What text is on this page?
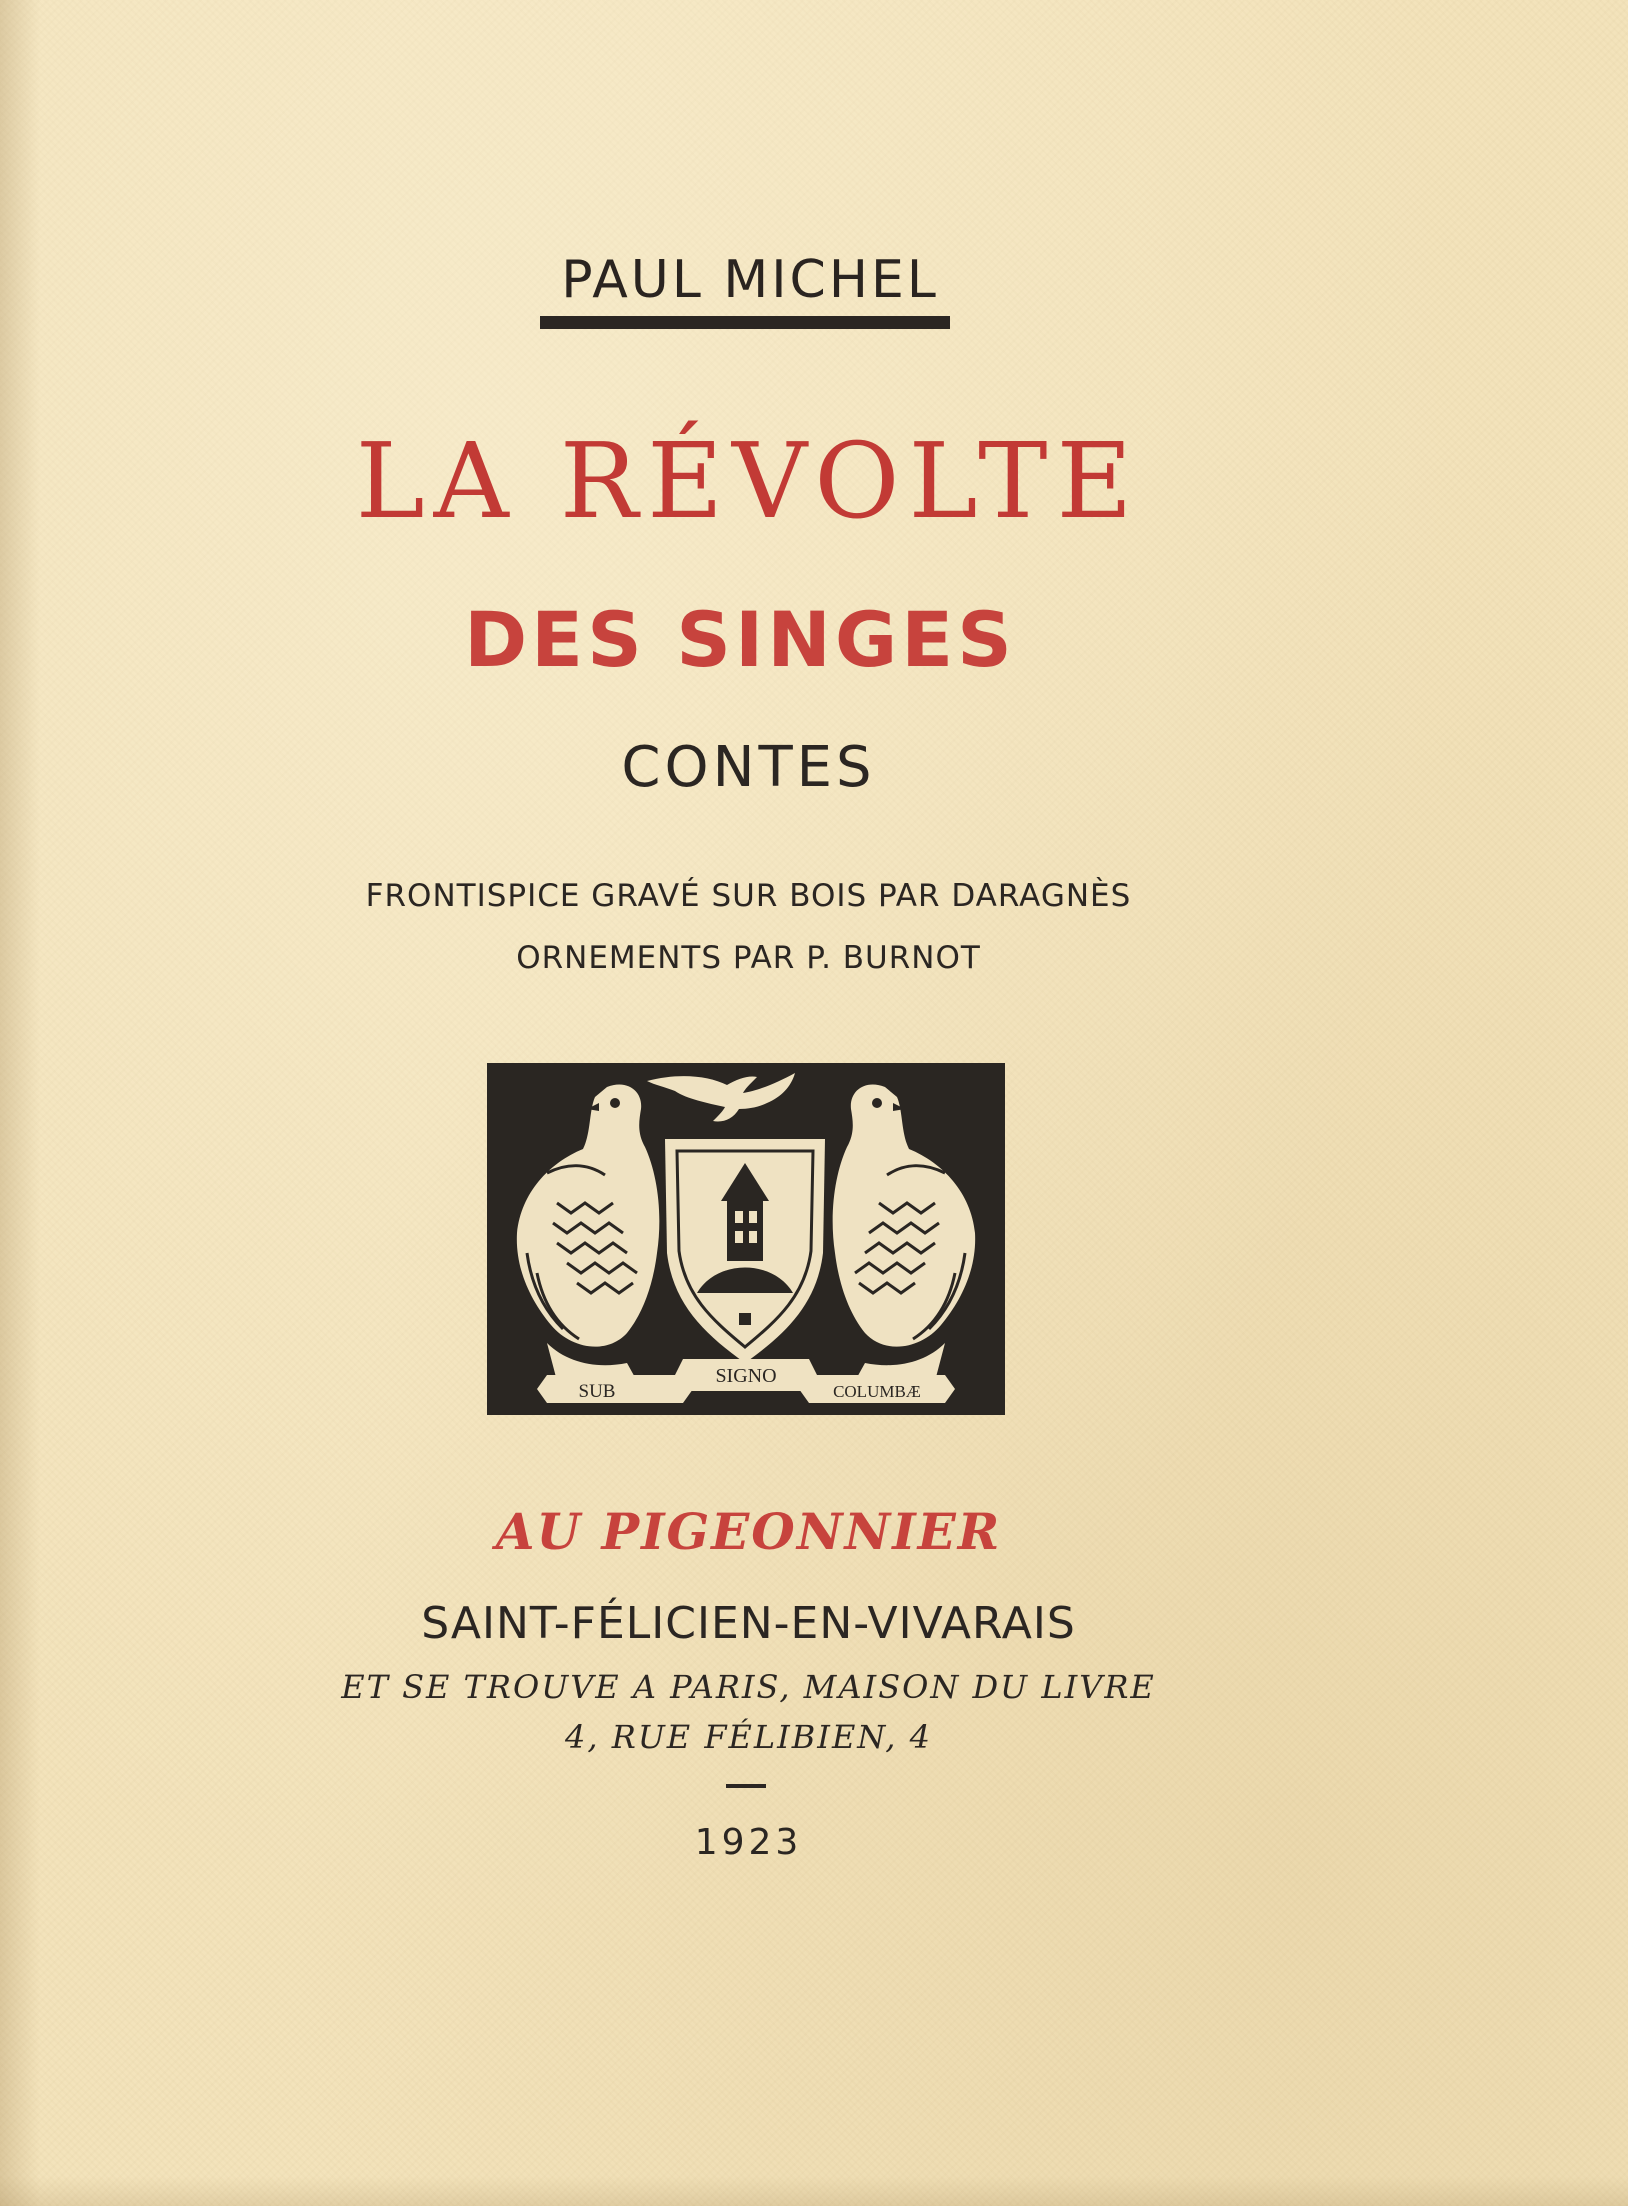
PAUL MICHEL
LA RÉVOLTE
DES SINGES
CONTES
FRONTISPICE GRAVÉ SUR BOIS PAR DARAGNÈS
ORNEMENTS PAR P. BURNOT
SUB
SIGNO
COLUMBÆ
AU PIGEONNIER
SAINT-FÉLICIEN-EN-VIVARAIS
ET SE TROUVE A PARIS, MAISON DU LIVRE
4, RUE FÉLIBIEN, 4
1923
